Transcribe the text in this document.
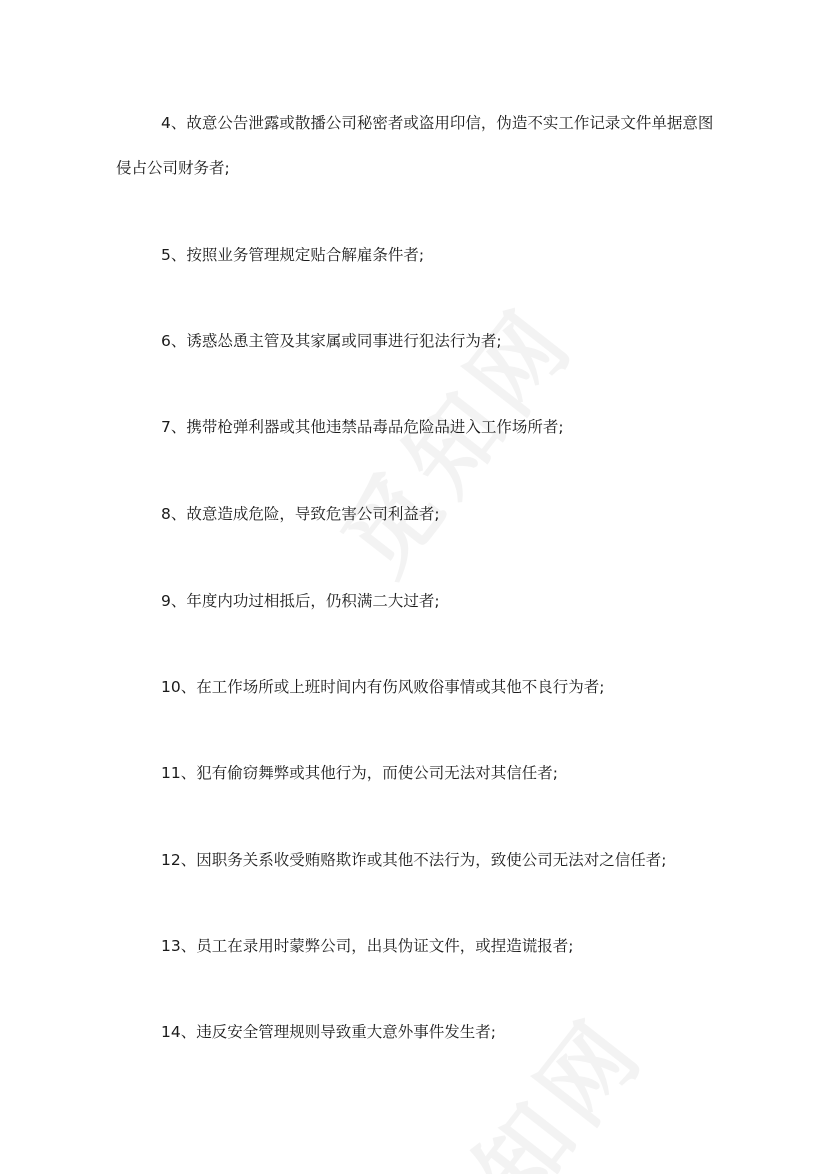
4、故意公告泄露或散播公司秘密者或盗用印信，伪造不实工作记录文件单据意图侵占公司财务者;

5、按照业务管理规定贴合解雇条件者;

6、诱惑怂恿主管及其家属或同事进行犯法行为者;

7、携带枪弹利器或其他违禁品毒品危险品进入工作场所者;

8、故意造成危险，导致危害公司利益者;

9、年度内功过相抵后，仍积满二大过者;

10、在工作场所或上班时间内有伤风败俗事情或其他不良行为者;

11、犯有偷窃舞弊或其他行为，而使公司无法对其信任者;

12、因职务关系收受贿赂欺诈或其他不法行为，致使公司无法对之信任者;

13、员工在录用时蒙弊公司，出具伪证文件，或捏造谎报者;

14、违反安全管理规则导致重大意外事件发生者;
